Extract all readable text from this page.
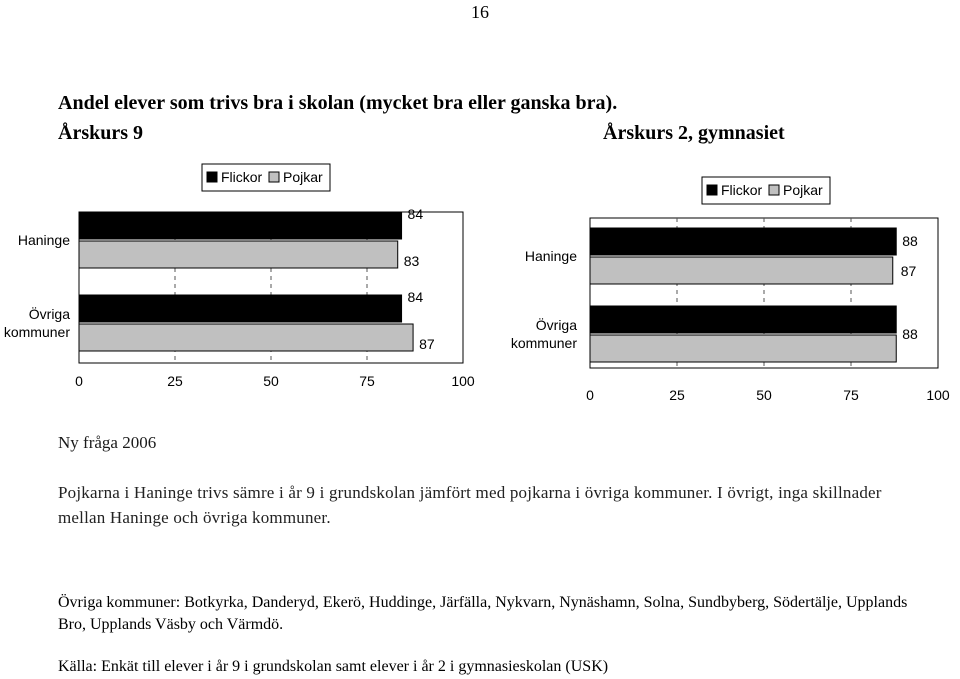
16
Andel elever som trivs bra i skolan (mycket bra eller ganska bra).
Årskurs 9	Årskurs 2, gymnasiet
Flickor Pojkar
0	25	50	75	100
Haninge
Övriga kommuner
84
83
84
87
Flickor Pojkar
0	25	50	75	100
Haninge
Övriga kommuner
88
87
88
Ny fråga 2006
Pojkarna i Haninge trivs sämre i år 9 i grundskolan jämfört med pojkarna i övriga kommuner. I övrigt, inga skillnader mellan Haninge och övriga kommuner.
Övriga kommuner: Botkyrka, Danderyd, Ekerö, Huddinge, Järfälla, Nykvarn, Nynäshamn, Solna, Sundbyberg, Södertälje, Upplands Bro, Upplands Väsby och Värmdö.
Källa: Enkät till elever i år 9 i grundskolan samt elever i år 2 i gymnasieskolan (USK)
